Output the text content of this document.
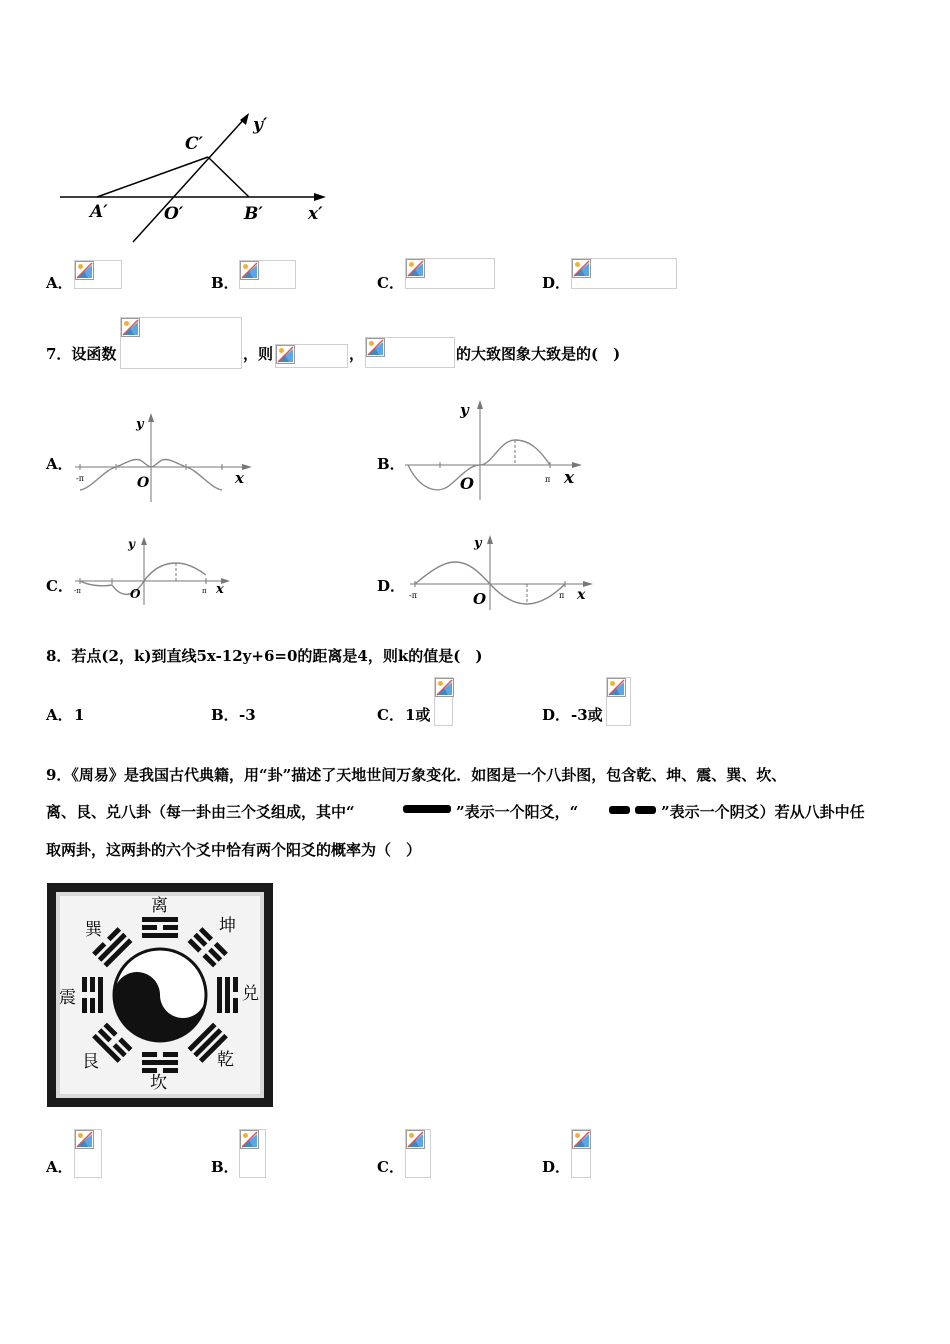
y′
C′
A′	O′	B′	x′
A．	B．	C．	D．
7．设函数	，则	，	的大致图象大致是的(　)
A．
y
x
O
-π
B．
y
x
O	π
C．
y
x
O
-π	π	D．
y
x
O
-π	π
8．若点(2，k)到直线5x-12y+6=0的距离是4，则k的值是(　)
A． 1	B． -3	C． 1或	D． -3或
9．《周易》是我国古代典籍，用“卦”描述了天地世间万象变化．如图是一个八卦图，包含乾、坤、震、巽、坎、
离、艮、兑八卦（每一卦由三个爻组成，其中“	”表示一个阳爻，“	”表示一个阴爻）若从八卦中任
取两卦，这两卦的六个爻中恰有两个阳爻的概率为（　）
离
坤
巽
震	兑
艮	乾
坎
A．	B．	C．	D．
